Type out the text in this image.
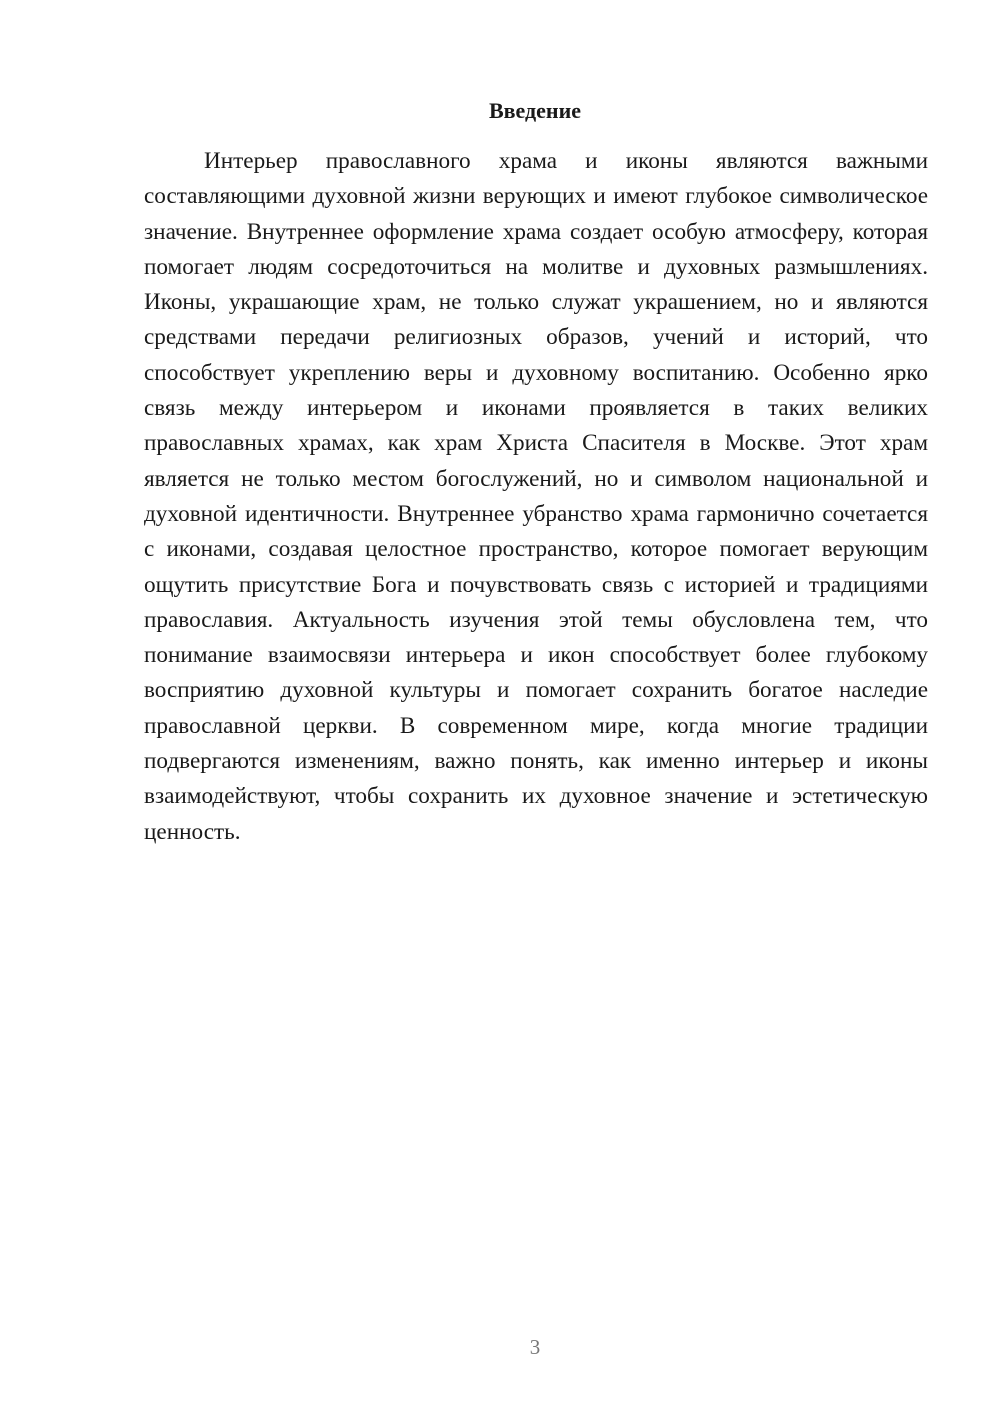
Введение

Интерьер православного храма и иконы являются важными составляющими духовной жизни верующих и имеют глубокое символическое значение. Внутреннее оформление храма создает особую атмосферу, которая помогает людям сосредоточиться на молитве и духовных размышлениях. Иконы, украшающие храм, не только служат украшением, но и являются средствами передачи религиозных образов, учений и историй, что способствует укреплению веры и духовному воспитанию. Особенно ярко связь между интерьером и иконами проявляется в таких великих православных храмах, как храм Христа Спасителя в Москве. Этот храм является не только местом богослужений, но и символом национальной и духовной идентичности. Внутреннее убранство храма гармонично сочетается с иконами, создавая целостное пространство, которое помогает верующим ощутить присутствие Бога и почувствовать связь с историей и традициями православия. Актуальность изучения этой темы обусловлена тем, что понимание взаимосвязи интерьера и икон способствует более глубокому восприятию духовной культуры и помогает сохранить богатое наследие православной церкви. В современном мире, когда многие традиции подвергаются изменениям, важно понять, как именно интерьер и иконы взаимодействуют, чтобы сохранить их духовное значение и эстетическую ценность.

3
